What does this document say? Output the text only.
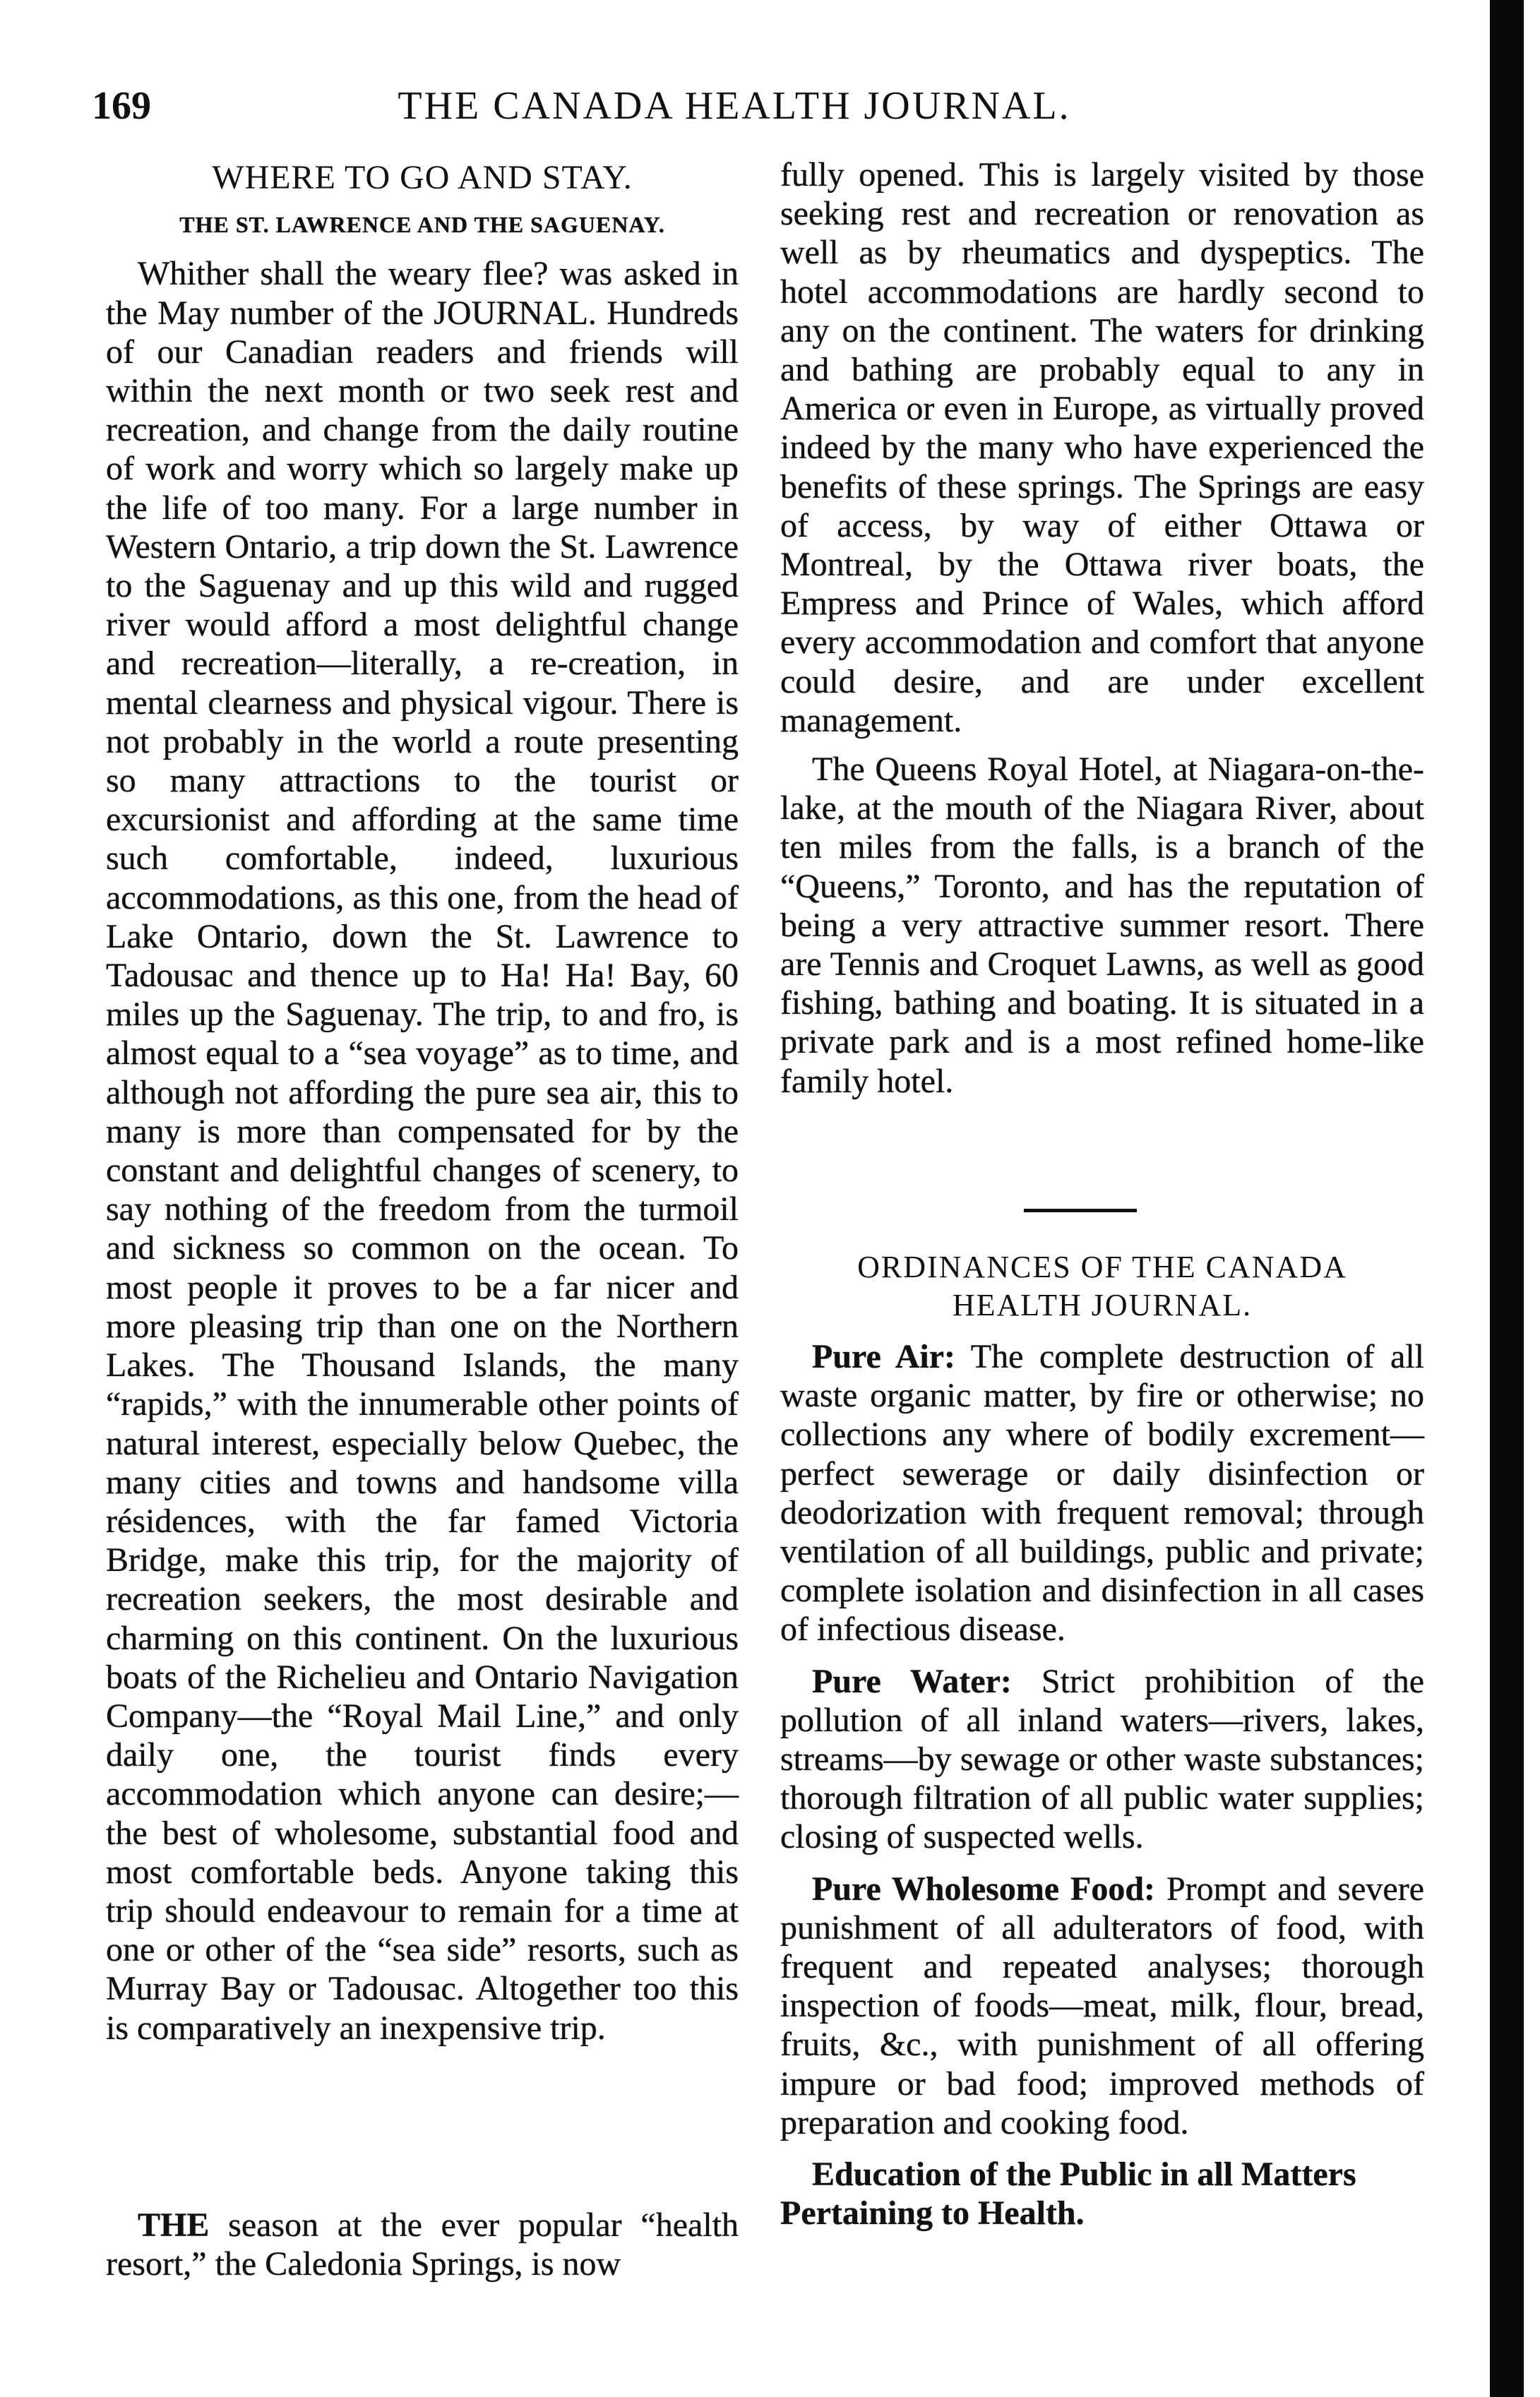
169	THE CANADA HEALTH JOURNAL.
WHERE TO GO AND STAY.
THE ST. LAWRENCE AND THE SAGUENAY.

Whither shall the weary flee? was asked in the May number of the JOURNAL. Hundreds of our Canadian readers and friends will within the next month or two seek rest and recreation, and change from the daily routine of work and worry which so largely make up the life of too many. For a large number in Western Ontario, a trip down the St. Lawrence to the Saguenay and up this wild and rugged river would afford a most delightful change and recreation—literally, a re-creation, in mental clearness and physical vigour. There is not probably in the world a route presenting so many attractions to the tourist or excursionist and affording at the same time such comfortable, indeed, luxurious accommodations, as this one, from the head of Lake Ontario, down the St. Lawrence to Tadousac and thence up to Ha! Ha! Bay, 60 miles up the Saguenay. The trip, to and fro, is almost equal to a “sea voyage” as to time, and although not affording the pure sea air, this to many is more than compensated for by the constant and delightful changes of scenery, to say nothing of the freedom from the turmoil and sickness so common on the ocean. To most people it proves to be a far nicer and more pleasing trip than one on the Northern Lakes. The Thousand Islands, the many “rapids,” with the innumerable other points of natural interest, especially below Quebec, the many cities and towns and handsome villa résidences, with the far famed Victoria Bridge, make this trip, for the majority of recreation seekers, the most desirable and charming on this continent. On the luxurious boats of the Richelieu and Ontario Navigation Company—the “Royal Mail Line,” and only daily one, the tourist finds every accommodation which anyone can desire;—the best of wholesome, substantial food and most comfortable beds. Anyone taking this trip should endeavour to remain for a time at one or other of the “sea side” resorts, such as Murray Bay or Tadousac. Altogether too this is comparatively an inexpensive trip.

THE season at the ever popular “health resort,” the Caledonia Springs, is now

fully opened. This is largely visited by those seeking rest and recreation or renovation as well as by rheumatics and dyspeptics. The hotel accommodations are hardly second to any on the continent. The waters for drinking and bathing are probably equal to any in America or even in Europe, as virtually proved indeed by the many who have experienced the benefits of these springs. The Springs are easy of access, by way of either Ottawa or Montreal, by the Ottawa river boats, the Empress and Prince of Wales, which afford every accommodation and comfort that anyone could desire, and are under excellent management.

The Queens Royal Hotel, at Niagara-on-the-lake, at the mouth of the Niagara River, about ten miles from the falls, is a branch of the “Queens,” Toronto, and has the reputation of being a very attractive summer resort. There are Tennis and Croquet Lawns, as well as good fishing, bathing and boating. It is situated in a private park and is a most refined home-like family hotel.

ORDINANCES OF THE CANADA
HEALTH JOURNAL.

Pure Air: The complete destruction of all waste organic matter, by fire or otherwise; no collections any where of bodily excrement—perfect sewerage or daily disinfection or deodorization with frequent removal; through ventilation of all buildings, public and private; complete isolation and disinfection in all cases of infectious disease.

Pure Water: Strict prohibition of the pollution of all inland waters—rivers, lakes, streams—by sewage or other waste substances; thorough filtration of all public water supplies; closing of suspected wells.

Pure Wholesome Food: Prompt and severe punishment of all adulterators of food, with frequent and repeated analyses; thorough inspection of foods—meat, milk, flour, bread, fruits, &c., with punishment of all offering impure or bad food; improved methods of preparation and cooking food.

Education of the Public in all Matters Pertaining to Health.
